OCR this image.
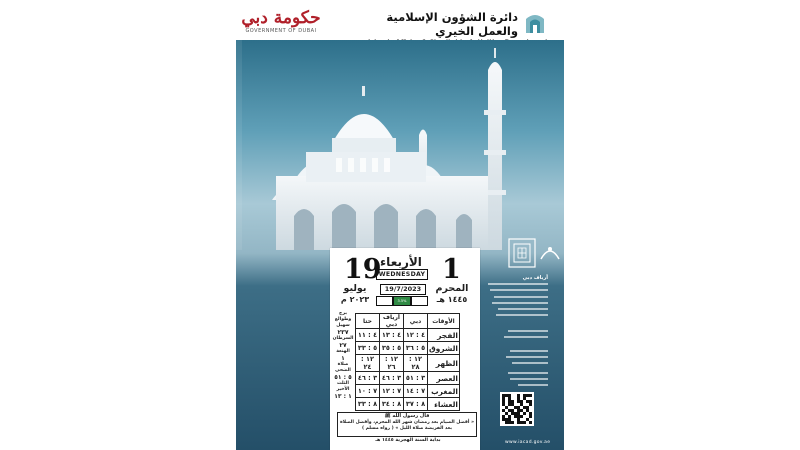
حكومة دبي
GOVERNMENT OF DUBAI
دائرة الشؤون الإسلامية والعمل الخيري
العطلات الرسمية
أرياف دبي
www.iacad.gov.ae
19 1
يوليو
٢٠٢٣ م
المحرم
١٤٤٥ هـ
الأربعاء
WEDNESDAY
19/7/2023
3.5%
برج وطوالع
سهيل
٢٣٧
السرطان
٢٧
الهنعة
١
صلاة الضحى
٥ : ٥١
الثلث الأخير
١ : ١٣
حتا	أرياف دبي	دبي	الأوقات
٤ : ١١	٤ : ١٣	٤ : ١٢	الفجر
٥ : ٣٣	٥ : ٣٥	٥ : ٣٦	الشروق
١٢ : ٢٤	١٢ : ٢٦	١٢ : ٢٨	الظهر
٣ : ٤٦	٣ : ٤٦	٣ : ٥١	العصر
٧ : ١٠	٧ : ١٢	٧ : ١٤	المغرب
٨ : ٣٣	٨ : ٣٤	٨ : ٣٧	العشاء
قال رسول الله ﷺ
« أفضل الصيام بعد رمضان شهر الله المحرم، وأفضل الصلاة بعد الفريضة صلاة الليل » ( رواه مسلم )
بداية السنة الهجرية ١٤٤٥ هـ
